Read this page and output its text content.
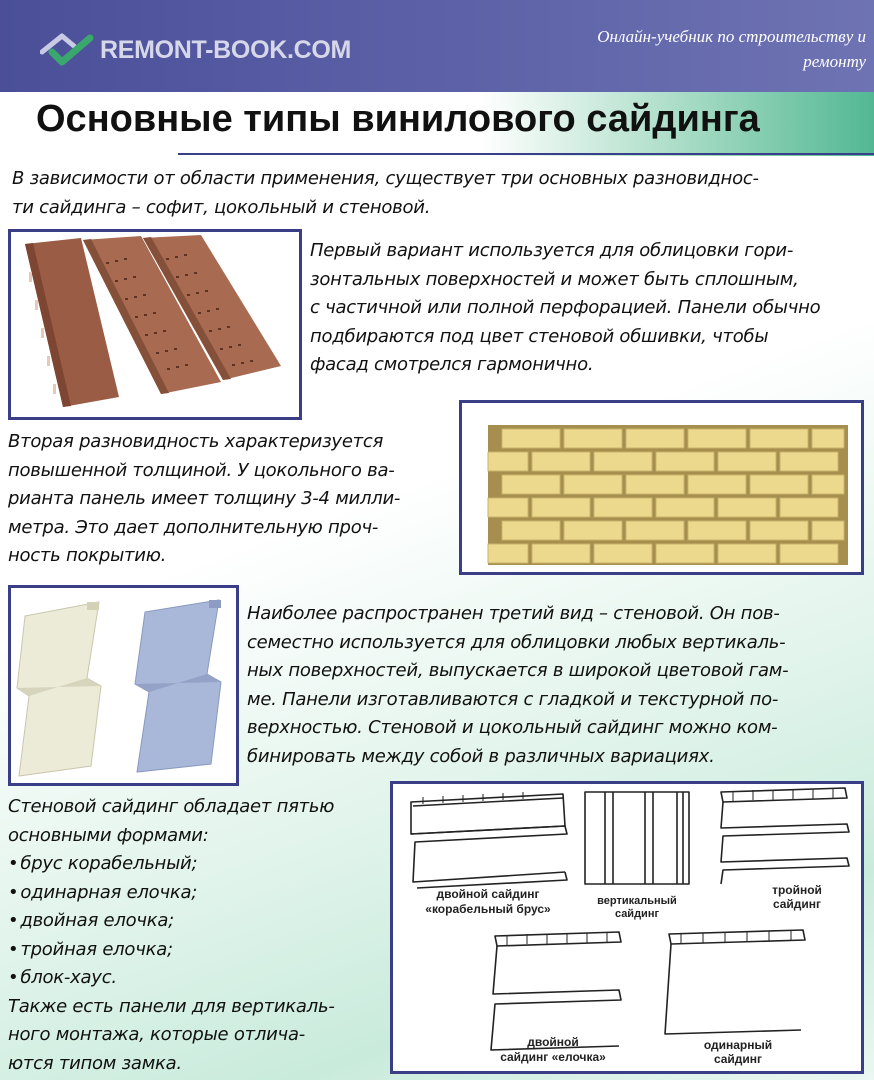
REMONT-BOOK.COM	Онлайн-учебник по строительству и
ремонту
Основные типы винилового сайдинга
В зависимости от области применения, существует три основных разновиднос-
ти сайдинга – софит, цокольный и стеновой.
Первый вариант используется для облицовки гори-
зонтальных поверхностей и может быть сплошным,
с частичной или полной перфорацией. Панели обычно
подбираются под цвет стеновой обшивки, чтобы
фасад смотрелся гармонично.
Вторая разновидность характеризуется
повышенной толщиной. У цокольного ва-
рианта панель имеет толщину 3-4 милли-
метра. Это дает дополнительную проч-
ность покрытию.
Наиболее распространен третий вид – стеновой. Он пов-
семестно используется для облицовки любых вертикаль-
ных поверхностей, выпускается в широкой цветовой гам-
ме. Панели изготавливаются с гладкой и текстурной по-
верхностью. Стеновой и цокольный сайдинг можно ком-
бинировать между собой в различных вариациях.
Стеновой сайдинг обладает пятью
основными формами:
• брус корабельный;
• одинарная елочка;
• двойная елочка;
• тройная елочка;
• блок-хаус.
Также есть панели для вертикаль-
ного монтажа, которые отлича-
ются типом замка.
двойной сайдинг
«корабельный брус»
вертикальный
сайдинг
тройной
сайдинг
двойной
сайдинг «елочка»
одинарный
сайдинг
